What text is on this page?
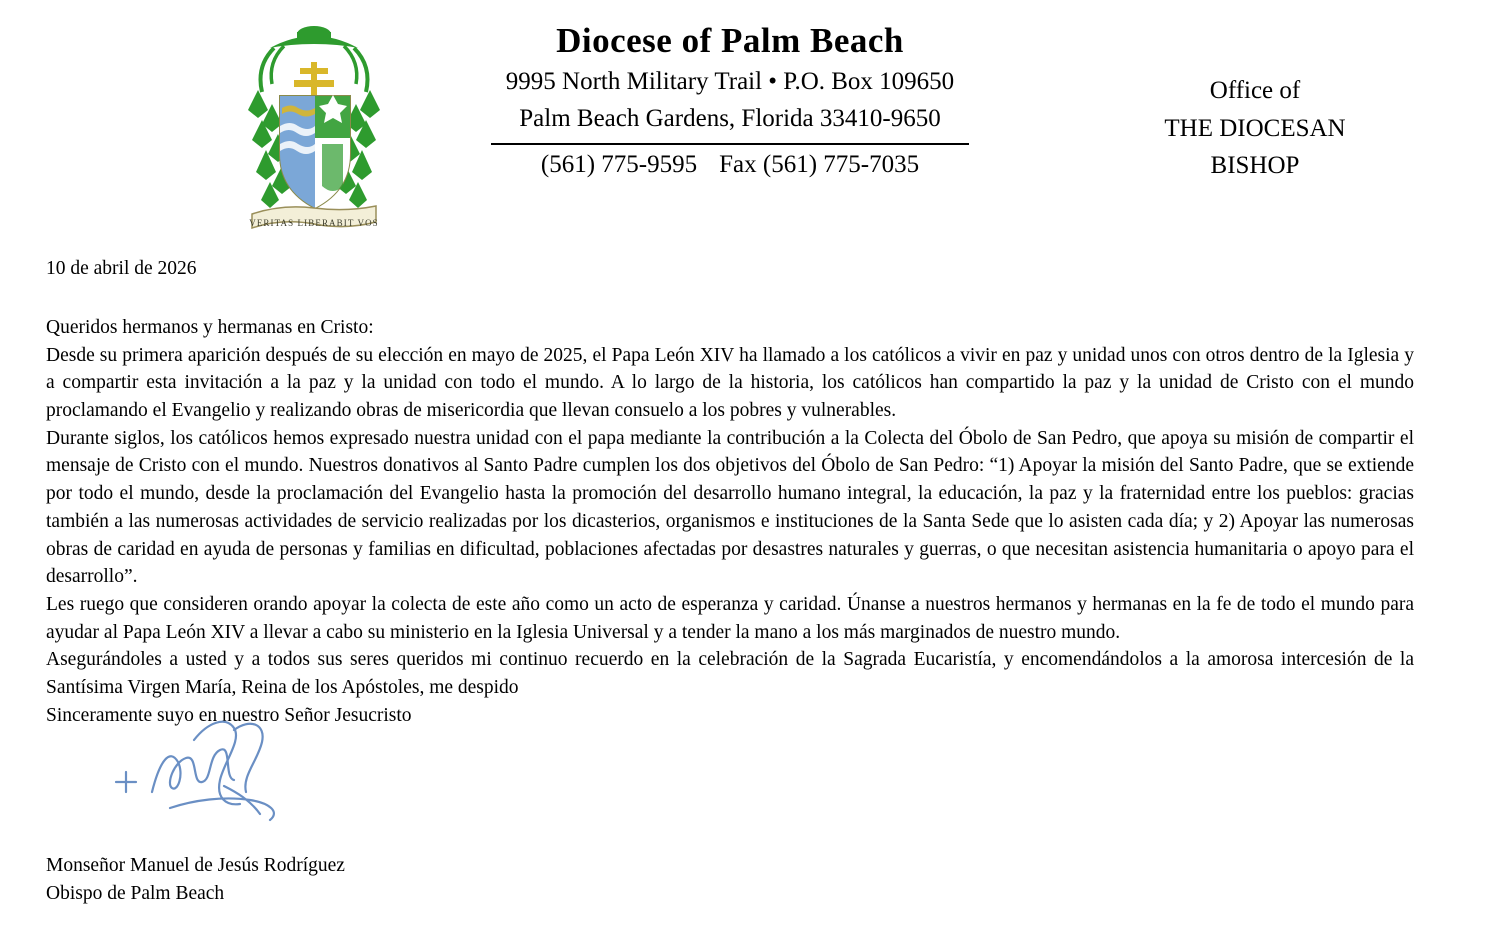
VERITAS LIBERABIT VOS
Diocese of Palm Beach
9995 North Military Trail • P.O. Box 109650
Palm Beach Gardens, Florida 33410-9650
(561) 775-9595 Fax (561) 775-7035
Office of
THE DIOCESAN
BISHOP
10 de abril de 2026
Queridos hermanos y hermanas en Cristo:
Desde su primera aparición después de su elección en mayo de 2025, el Papa León XIV ha llamado a los católicos a vivir en paz y unidad unos con otros dentro de la Iglesia y a compartir esta invitación a la paz y la unidad con todo el mundo. A lo largo de la historia, los católicos han compartido la paz y la unidad de Cristo con el mundo proclamando el Evangelio y realizando obras de misericordia que llevan consuelo a los pobres y vulnerables.
Durante siglos, los católicos hemos expresado nuestra unidad con el papa mediante la contribución a la Colecta del Óbolo de San Pedro, que apoya su misión de compartir el mensaje de Cristo con el mundo. Nuestros donativos al Santo Padre cumplen los dos objetivos del Óbolo de San Pedro: “1) Apoyar la misión del Santo Padre, que se extiende por todo el mundo, desde la proclamación del Evangelio hasta la promoción del desarrollo humano integral, la educación, la paz y la fraternidad entre los pueblos: gracias también a las numerosas actividades de servicio realizadas por los dicasterios, organismos e instituciones de la Santa Sede que lo asisten cada día; y 2) Apoyar las numerosas obras de caridad en ayuda de personas y familias en dificultad, poblaciones afectadas por desastres naturales y guerras, o que necesitan asistencia humanitaria o apoyo para el desarrollo”.
Les ruego que consideren orando apoyar la colecta de este año como un acto de esperanza y caridad. Únanse a nuestros hermanos y hermanas en la fe de todo el mundo para ayudar al Papa León XIV a llevar a cabo su ministerio en la Iglesia Universal y a tender la mano a los más marginados de nuestro mundo.
Asegurándoles a usted y a todos sus seres queridos mi continuo recuerdo en la celebración de la Sagrada Eucaristía, y encomendándolos a la amorosa intercesión de la Santísima Virgen María, Reina de los Apóstoles, me despido
Sinceramente suyo en nuestro Señor Jesucristo
Monseñor Manuel de Jesús Rodríguez
Obispo de Palm Beach
